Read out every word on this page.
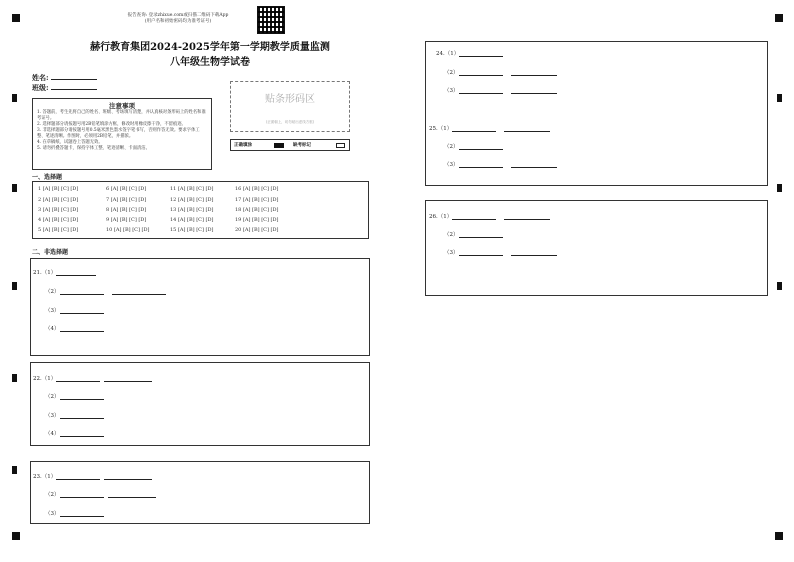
报告查询: 登录zhixue.com或扫描二维码下载App
(用户名和初始密码均为准考证号)
赫行教育集团2024-2025学年第一学期教学质量监测
八年级生物学试卷
姓名:
班级:
贴条形码区
(正面朝上，切勿贴出虚线方框)
正确填涂	缺考标记
注意事项
1. 答题前，考生先将自己的姓名、班级、考场填写清楚，并认真核对条形码上的姓名和准考证号。
2. 选择题部分请按题号用2B铅笔填涂方框，修改时用橡皮擦干净，不留痕迹。
3. 非选择题部分请按题号用0.5毫米黑色墨水签字笔书写，否则作答无效。要求字体工整、笔迹清晰。作图时，必须用2B铅笔，并描浓。
4. 在草稿纸、试题卷上答题无效。
5. 请勿折叠答题卡，保持字体工整、笔迹清晰、卡面清洁。
一、选择题
1 [A] [B] [C] [D]	6 [A] [B] [C] [D]	11 [A] [B] [C] [D]	16 [A] [B] [C] [D]
2 [A] [B] [C] [D]	7 [A] [B] [C] [D]	12 [A] [B] [C] [D]	17 [A] [B] [C] [D]
3 [A] [B] [C] [D]	8 [A] [B] [C] [D]	13 [A] [B] [C] [D]	18 [A] [B] [C] [D]
4 [A] [B] [C] [D]	9 [A] [B] [C] [D]	14 [A] [B] [C] [D]	19 [A] [B] [C] [D]
5 [A] [B] [C] [D]	10 [A] [B] [C] [D]	15 [A] [B] [C] [D]	20 [A] [B] [C] [D]
二、非选择题
21.（1）
（2）
（3）
（4）
22.（1）
（2）
（3）
（4）
23.（1）
（2）
（3）
24.（1）
（2）
（3）
25.（1）
（2）
（3）
26.（1）
（2）
（3）
